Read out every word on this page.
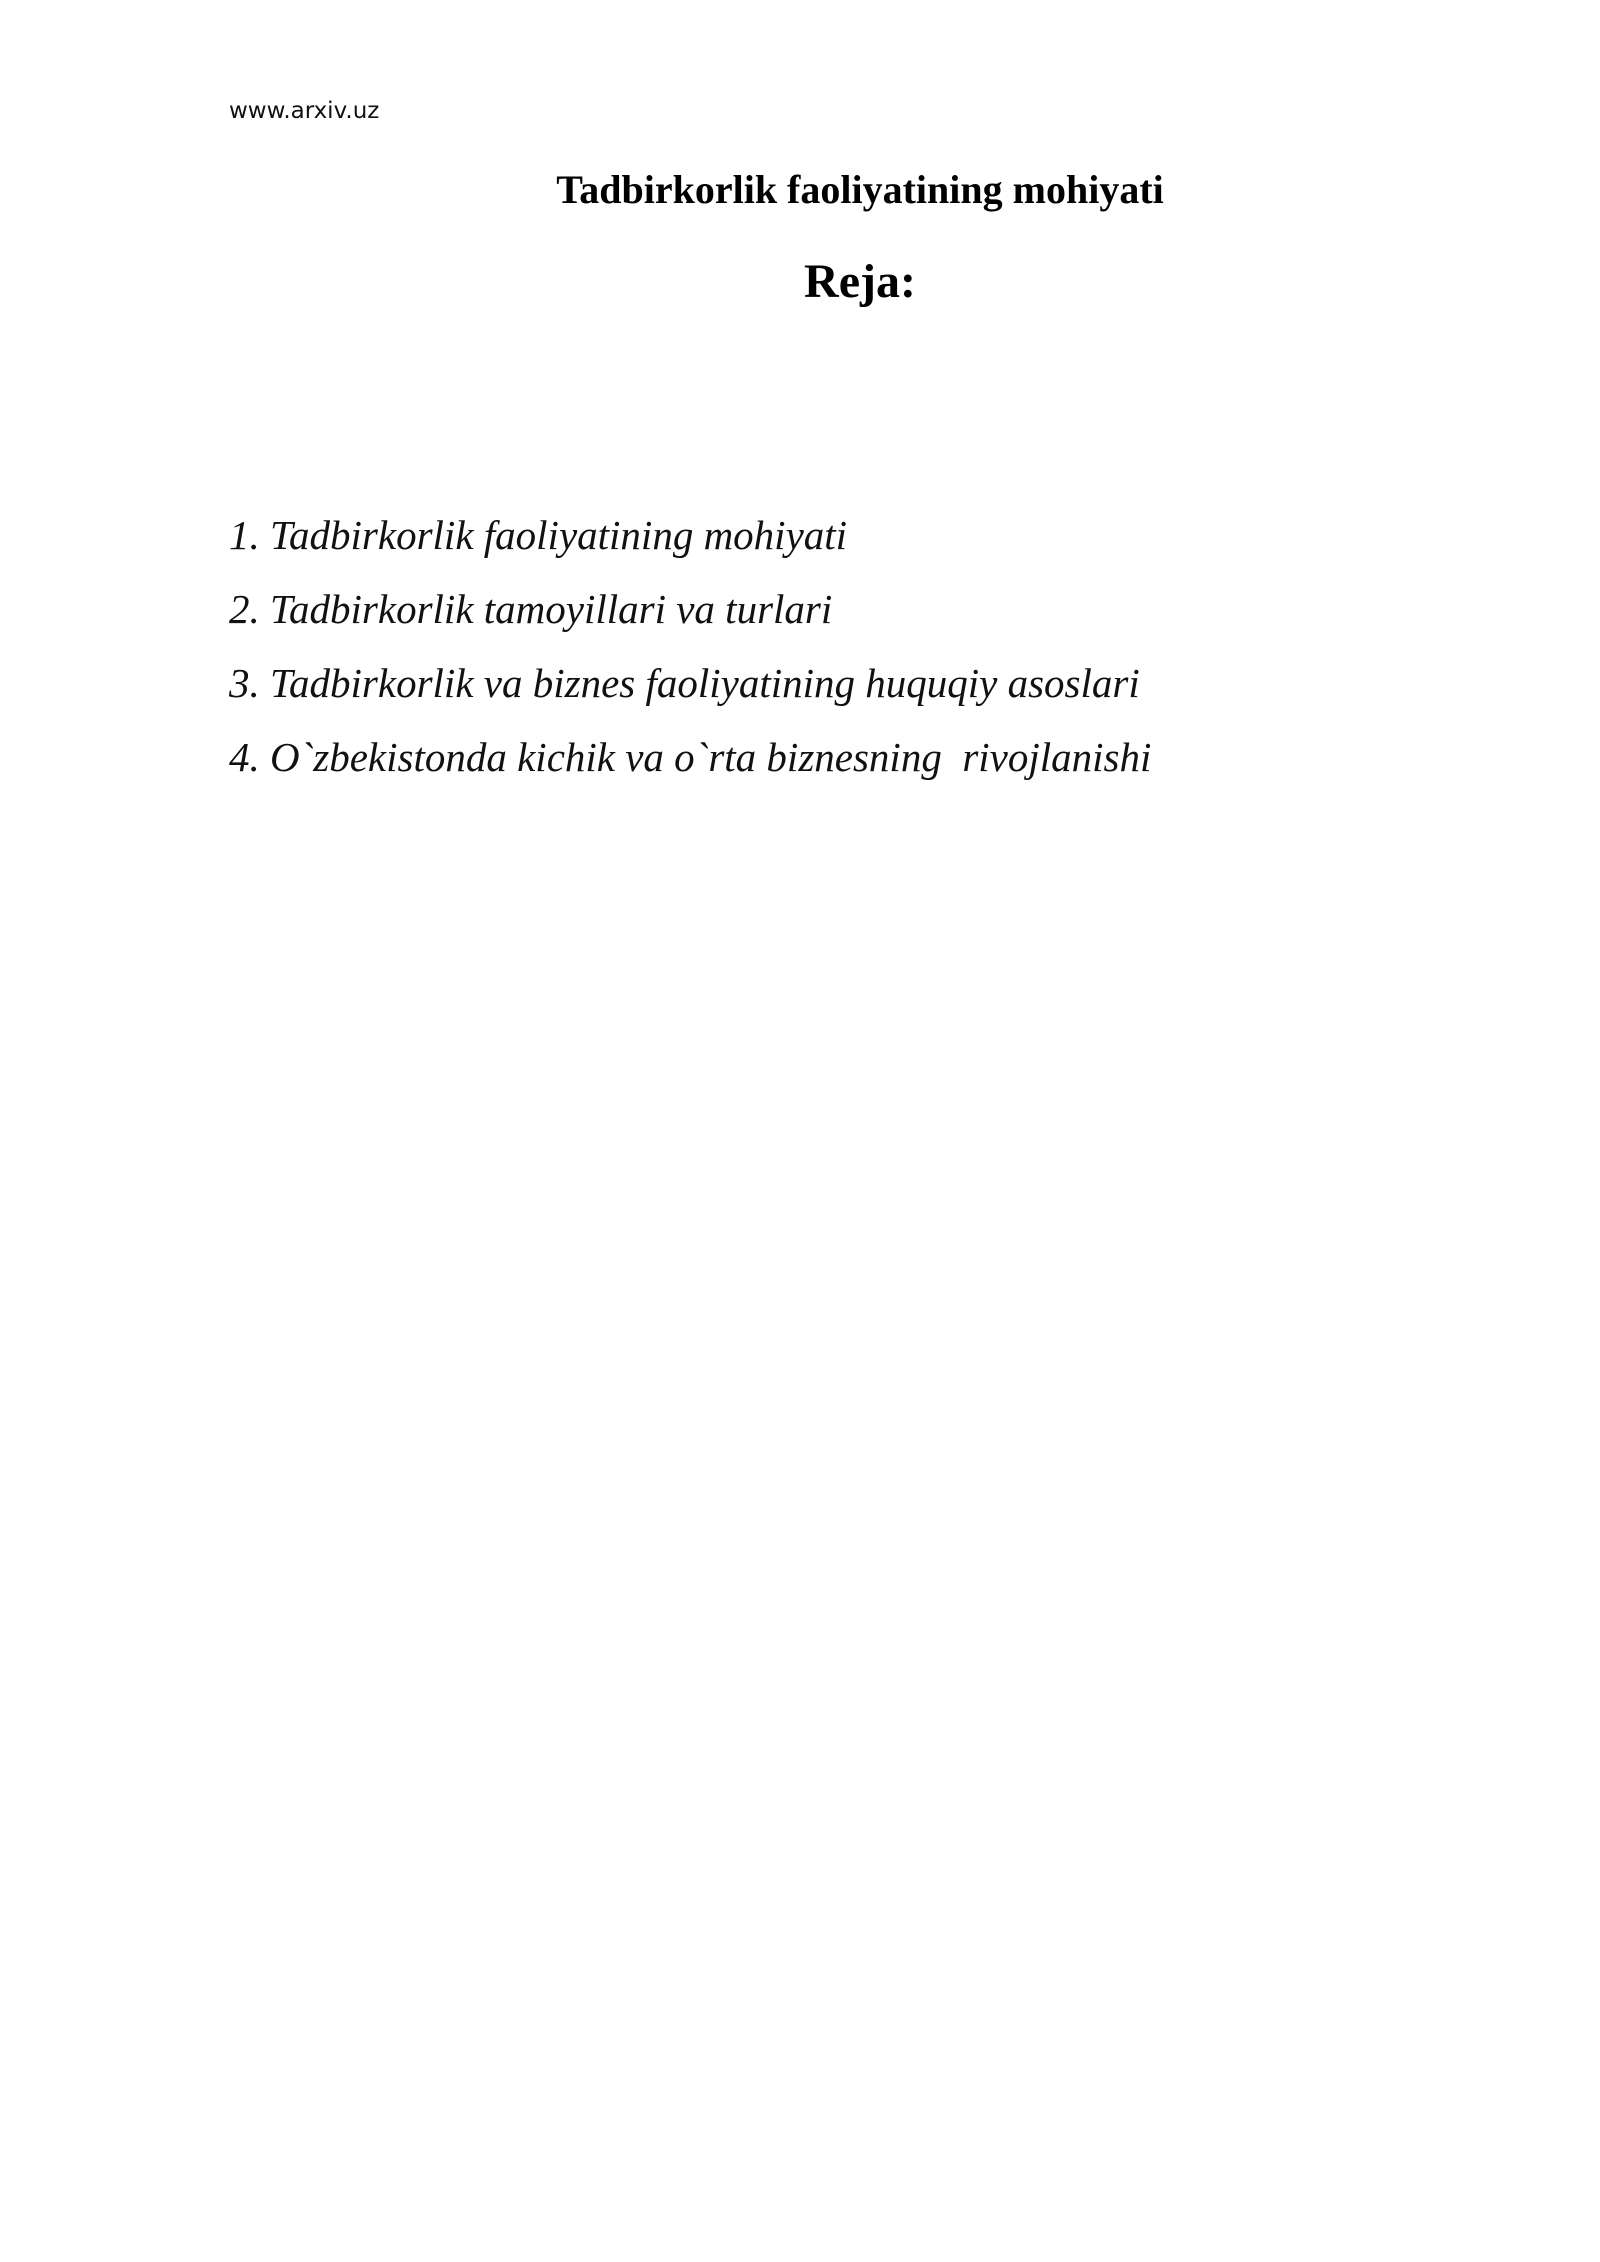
www.arxiv.uz
Tadbirkorlik faoliyatining mohiyati
Reja:
1. Tadbirkorlik faoliyatining mohiyati
2. Tadbirkorlik tamoyillari va turlari
3. Tadbirkorlik va biznes faoliyatining huquqiy asoslari
4. O`zbekistonda kichik va o`rta biznesning  rivojlanishi
